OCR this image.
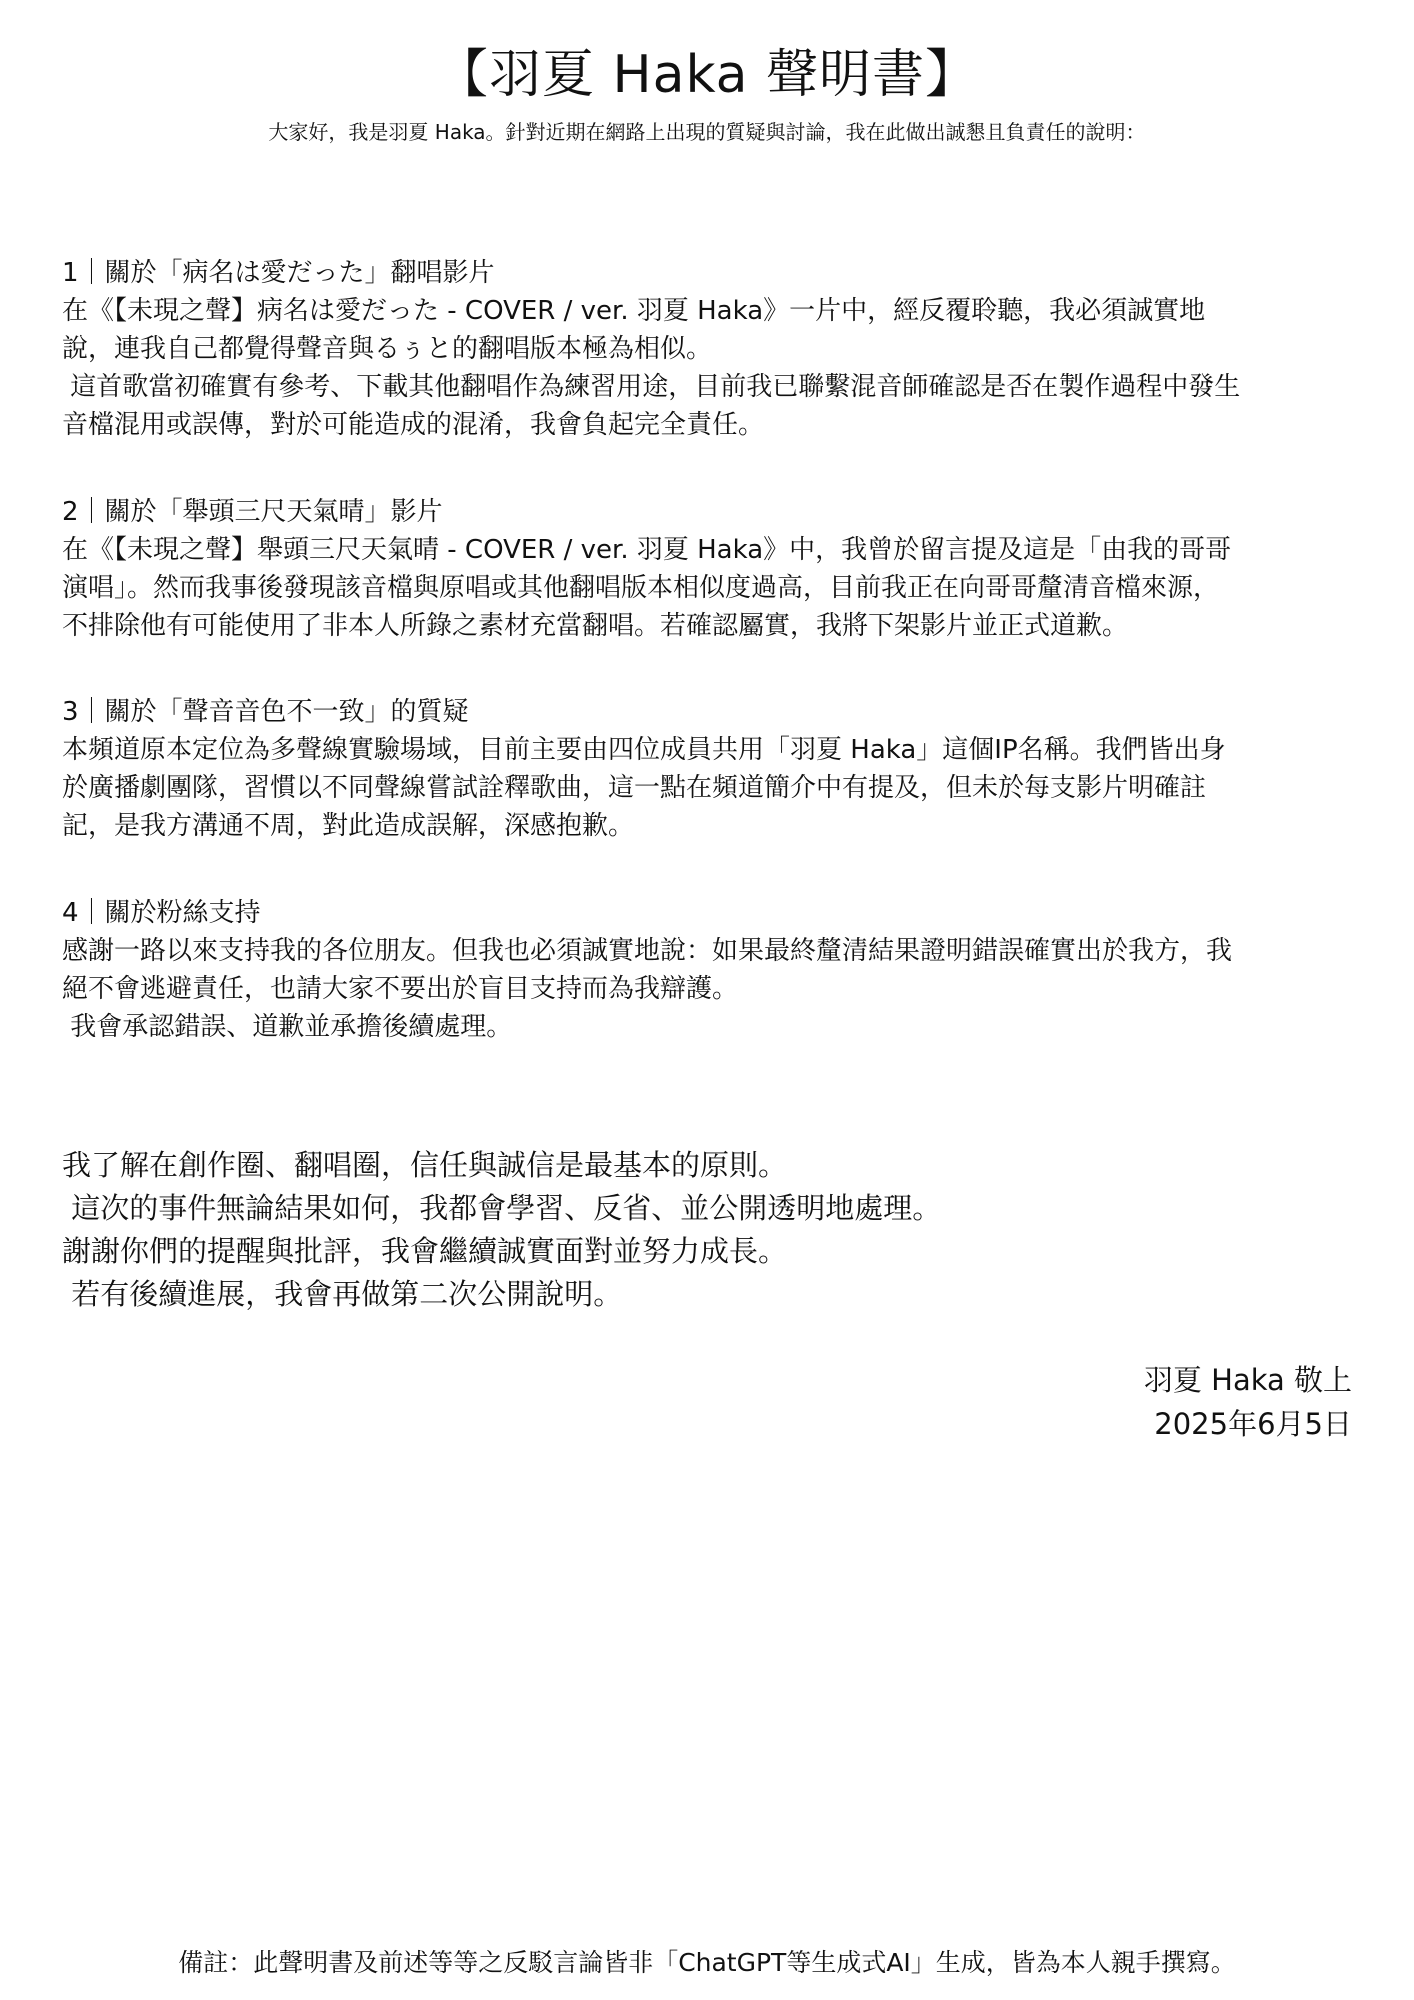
【羽夏 Haka 聲明書】

大家好，我是羽夏 Haka。針對近期在網路上出現的質疑與討論，我在此做出誠懇且負責任的說明：

1｜關於「病名は愛だった」翻唱影片

在《【未現之聲】病名は愛だった - COVER / ver. 羽夏 Haka》一片中，經反覆聆聽，我必須誠實地

說，連我自己都覺得聲音與るぅと的翻唱版本極為相似。

這首歌當初確實有參考、下載其他翻唱作為練習用途，目前我已聯繫混音師確認是否在製作過程中發生

音檔混用或誤傳，對於可能造成的混淆，我會負起完全責任。

2｜關於「舉頭三尺天氣晴」影片

在《【未現之聲】舉頭三尺天氣晴 - COVER / ver. 羽夏 Haka》中，我曾於留言提及這是「由我的哥哥

演唱」。然而我事後發現該音檔與原唱或其他翻唱版本相似度過高，目前我正在向哥哥釐清音檔來源，

不排除他有可能使用了非本人所錄之素材充當翻唱。若確認屬實，我將下架影片並正式道歉。

3｜關於「聲音音色不一致」的質疑

本頻道原本定位為多聲線實驗場域，目前主要由四位成員共用「羽夏 Haka」這個IP名稱。我們皆出身

於廣播劇團隊，習慣以不同聲線嘗試詮釋歌曲，這一點在頻道簡介中有提及，但未於每支影片明確註

記，是我方溝通不周，對此造成誤解，深感抱歉。

4｜關於粉絲支持

感謝一路以來支持我的各位朋友。但我也必須誠實地說：如果最終釐清結果證明錯誤確實出於我方，我

絕不會逃避責任，也請大家不要出於盲目支持而為我辯護。

我會承認錯誤、道歉並承擔後續處理。

我了解在創作圈、翻唱圈，信任與誠信是最基本的原則。

這次的事件無論結果如何，我都會學習、反省、並公開透明地處理。

謝謝你們的提醒與批評，我會繼續誠實面對並努力成長。

若有後續進展，我會再做第二次公開說明。

羽夏 Haka 敬上

2025年6月5日

備註：此聲明書及前述等等之反駁言論皆非「ChatGPT等生成式AI」生成，皆為本人親手撰寫。
